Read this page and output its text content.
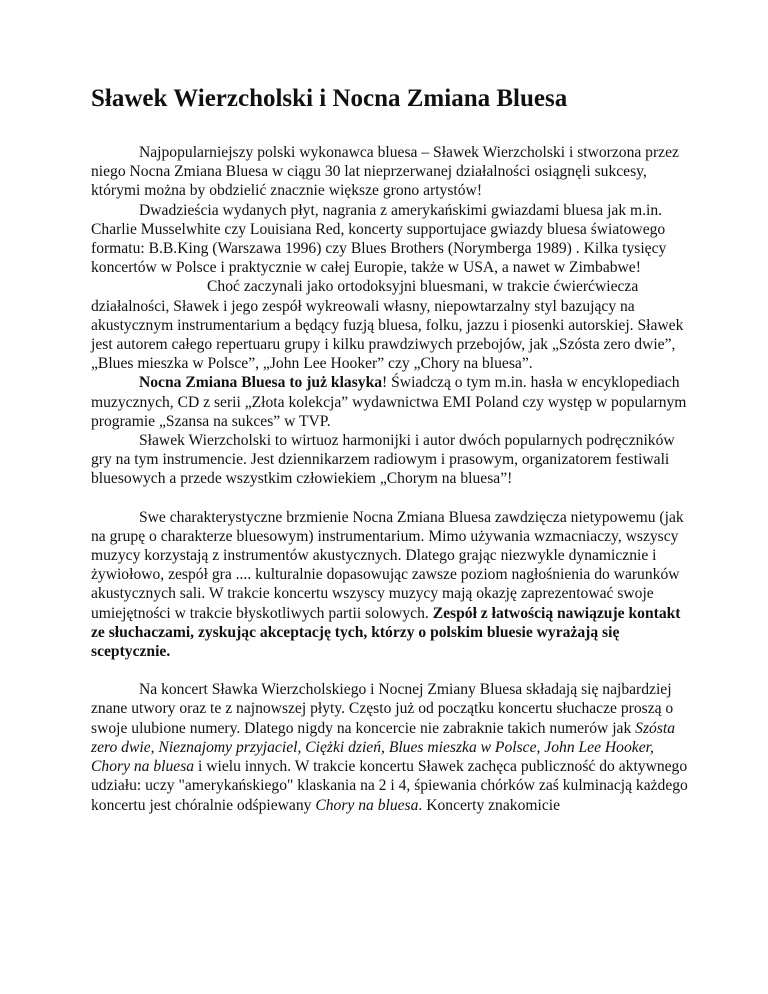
Sławek Wierzcholski i Nocna Zmiana Bluesa

Najpopularniejszy polski wykonawca bluesa – Sławek Wierzcholski i stworzona przez niego Nocna Zmiana Bluesa w ciągu 30 lat nieprzerwanej działalności osiągnęli sukcesy, którymi można by obdzielić znacznie większe grono artystów!

Dwadzieścia wydanych płyt, nagrania z amerykańskimi gwiazdami bluesa jak m.in. Charlie Musselwhite czy Louisiana Red, koncerty supportujace gwiazdy bluesa światowego formatu: B.B.King (Warszawa 1996) czy Blues Brothers (Norymberga 1989) . Kilka tysięcy koncertów w Polsce i praktycznie w całej Europie, także w USA, a nawet w Zimbabwe!

Choć zaczynali jako ortodoksyjni bluesmani, w trakcie ćwierćwiecza działalności, Sławek i jego zespół wykreowali własny, niepowtarzalny styl bazujący na akustycznym instrumentarium a będący fuzją bluesa, folku, jazzu i piosenki autorskiej. Sławek jest autorem całego repertuaru grupy i kilku prawdziwych przebojów, jak „Szósta zero dwie”, „Blues mieszka w Polsce”, „John Lee Hooker” czy „Chory na bluesa”.

Nocna Zmiana Bluesa to już klasyka! Świadczą o tym m.in. hasła w encyklopediach muzycznych, CD z serii „Złota kolekcja” wydawnictwa EMI Poland czy występ w popularnym programie „Szansa na sukces” w TVP.

Sławek Wierzcholski to wirtuoz harmonijki i autor dwóch popularnych podręczników gry na tym instrumencie. Jest dziennikarzem radiowym i prasowym, organizatorem festiwali bluesowych a przede wszystkim człowiekiem „Chorym na bluesa”!

Swe charakterystyczne brzmienie Nocna Zmiana Bluesa zawdzięcza nietypowemu (jak na grupę o charakterze bluesowym) instrumentarium. Mimo używania wzmacniaczy, wszyscy muzycy korzystają z instrumentów akustycznych. Dlatego grając niezwykle dynamicznie i żywiołowo, zespół gra .... kulturalnie dopasowując zawsze poziom nagłośnienia do warunków akustycznych sali. W trakcie koncertu wszyscy muzycy mają okazję zaprezentować swoje umiejętności w trakcie błyskotliwych partii solowych. Zespół z łatwością nawiązuje kontakt ze słuchaczami, zyskując akceptację tych, którzy o polskim bluesie wyrażają się sceptycznie.

Na koncert Sławka Wierzcholskiego i Nocnej Zmiany Bluesa składają się najbardziej znane utwory oraz te z najnowszej płyty. Często już od początku koncertu słuchacze proszą o swoje ulubione numery. Dlatego nigdy na koncercie nie zabraknie takich numerów jak Szósta zero dwie, Nieznajomy przyjaciel, Ciężki dzień, Blues mieszka w Polsce, John Lee Hooker, Chory na bluesa i wielu innych. W trakcie koncertu Sławek zachęca publiczność do aktywnego udziału: uczy "amerykańskiego" klaskania na 2 i 4, śpiewania chórków zaś kulminacją każdego koncertu jest chóralnie odśpiewany Chory na bluesa. Koncerty znakomicie
